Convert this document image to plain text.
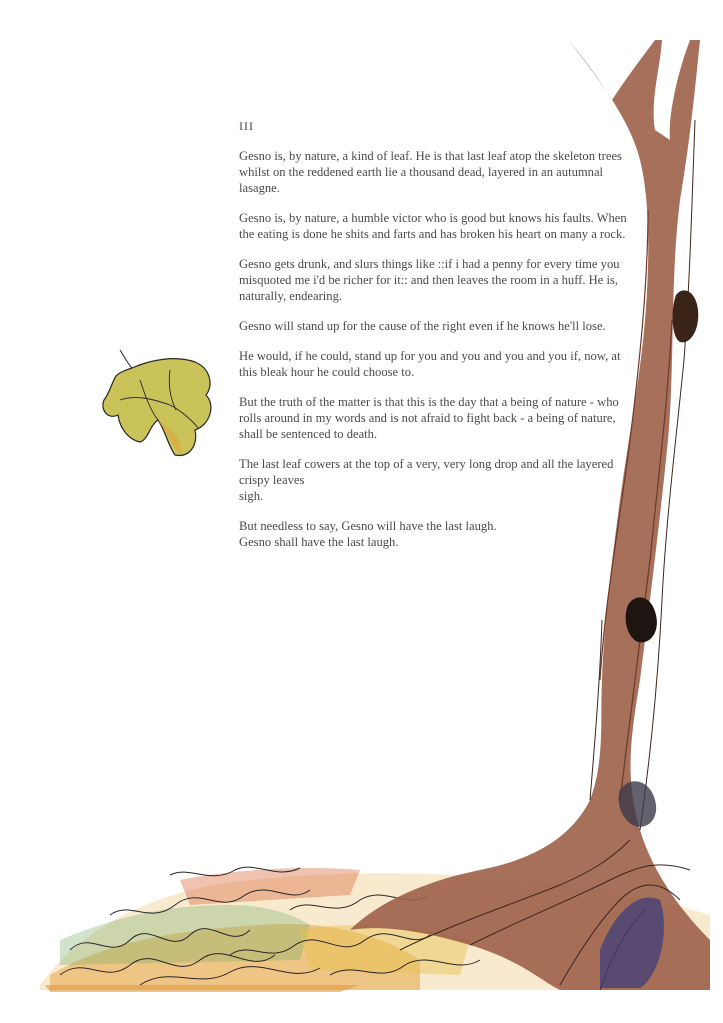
III

Gesno is, by nature, a kind of leaf. He is that last leaf atop the skeleton trees whilst on the reddened earth lie a thousand dead, layered in an autumnal lasagne.

Gesno is, by nature, a humble victor who is good but knows his faults. When the eating is done he shits and farts and has broken his heart on many a rock.

Gesno gets drunk, and slurs things like ::if i had a penny for every time you misquoted me i'd be richer for it:: and then leaves the room in a huff. He is, naturally, endearing.

Gesno will stand up for the cause of the right even if he knows he'll lose.

He would, if he could, stand up for you and you and you and you if, now, at this bleak hour he could choose to.

But the truth of the matter is that this is the day that a being of nature - who rolls around in my words and is not afraid to fight back - a being of nature, shall be sentenced to death.

The last leaf cowers at the top of a very, very long drop and all the layered
crispy leaves
sigh.

But needless to say, Gesno will have the last laugh.
Gesno shall have the last laugh.
